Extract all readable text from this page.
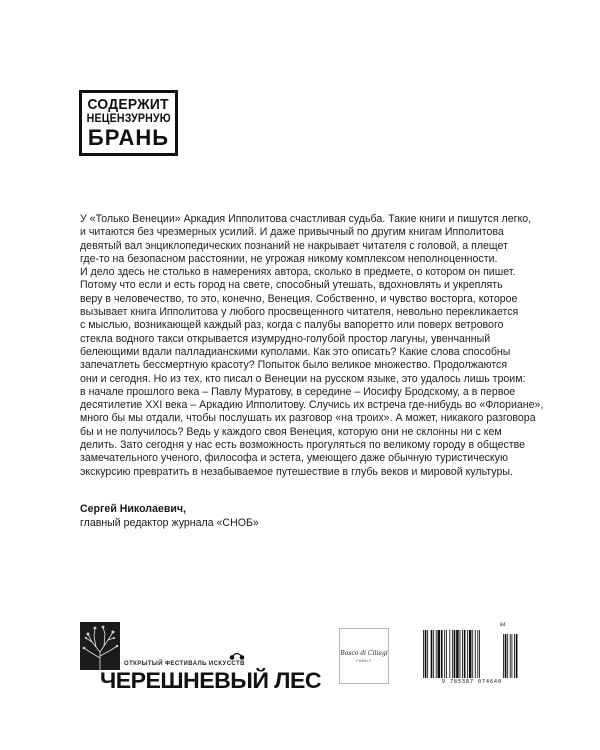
СОДЕРЖИТ
НЕЦЕНЗУРНУЮ
БРАНЬ
У «Только Венеции» Аркадия Ипполитова счастливая судьба. Такие книги и пишутся легко,
и читаются без чрезмерных усилий. И даже привычный по другим книгам Ипполитова
девятый вал энциклопедических познаний не накрывает читателя с головой, а плещет
где-то на безопасном расстоянии, не угрожая никому комплексом неполноценности.
И дело здесь не столько в намерениях автора, сколько в предмете, о котором он пишет.
Потому что если и есть город на свете, способный утешать, вдохновлять и укреплять
веру в человечество, то это, конечно, Венеция. Собственно, и чувство восторга, которое
вызывает книга Ипполитова у любого просвещенного читателя, невольно перекликается
с мыслью, возникающей каждый раз, когда с палубы вапоретто или поверх ветрового
стекла водного такси открывается изумрудно-голубой простор лагуны, увенчанный
белеющими вдали палладианскими куполами. Как это описать? Какие слова способны
запечатлеть бессмертную красоту? Попыток было великое множество. Продолжаются
они и сегодня. Но из тех, кто писал о Венеции на русском языке, это удалось лишь троим:
в начале прошлого века – Павлу Муратову, в середине – Иосифу Бродскому, а в первое
десятилетие XXI века – Аркадию Ипполитову. Случись их встреча где-нибудь во «Флориане»,
много бы мы отдали, чтобы послушать их разговор «на троих». А может, никакого разговора
бы и не получилось? Ведь у каждого своя Венеция, которую они не склонны ни с кем
делить. Зато сегодня у нас есть возможность прогуляться по великому городу в обществе
замечательного ученого, философа и эстета, умеющего даже обычную туристическую
экскурсию превратить в незабываемое путешествие в глубь веков и мировой культуры.
Сергей Николаевич,
главный редактор журнала «СНОБ»
ОТКРЫТЫЙ ФЕСТИВАЛЬ ИСКУССТВ
ЧЕРЕШНЕВЫЙ ЛЕС
Bosco di Ciliegi
FAMILY
9 785387 074640
04
